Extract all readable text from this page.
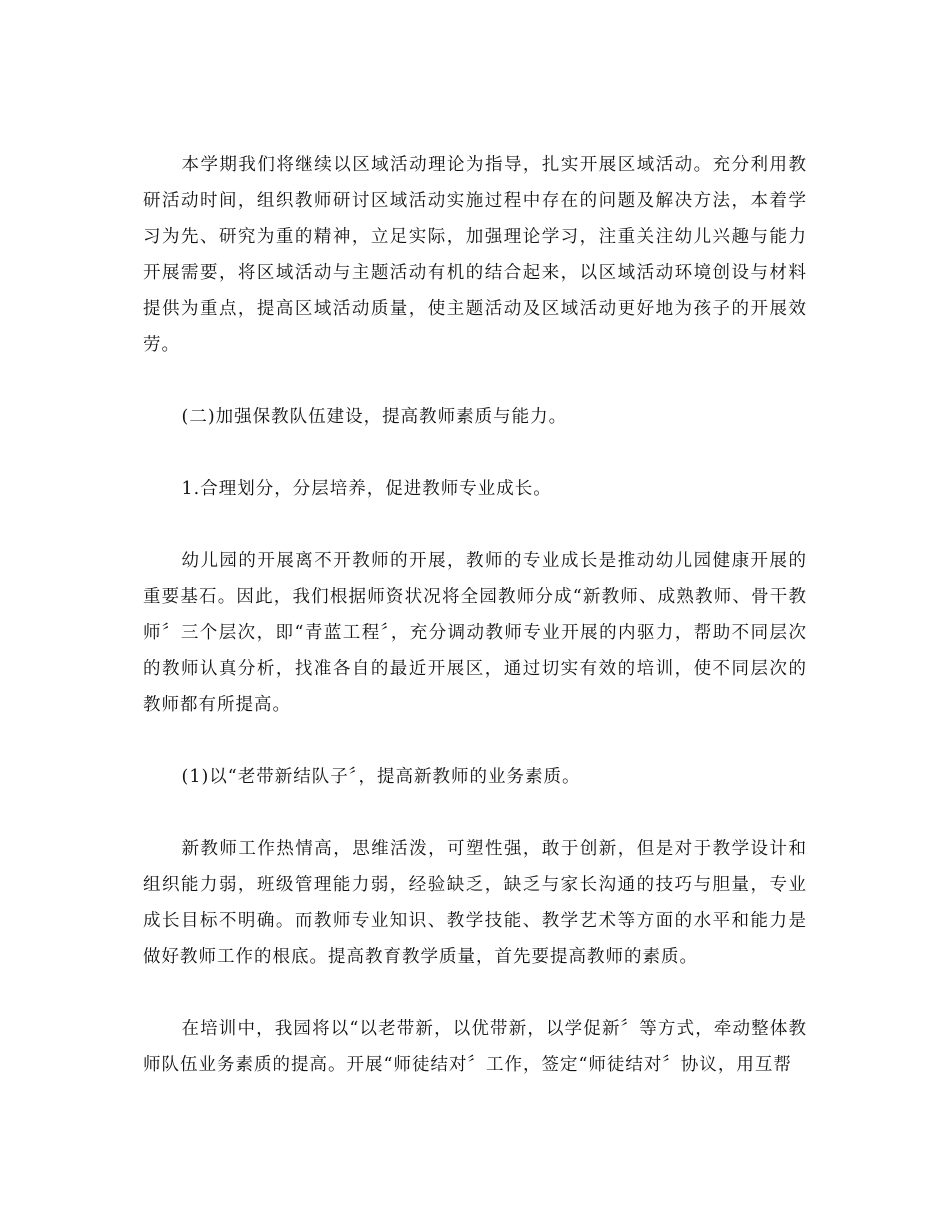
本学期我们将继续以区域活动理论为指导，扎实开展区域活动。充分利用教研活动时间，组织教师研讨区域活动实施过程中存在的问题及解决方法，本着学习为先、研究为重的精神，立足实际，加强理论学习，注重关注幼儿兴趣与能力开展需要，将区域活动与主题活动有机的结合起来，以区域活动环境创设与材料提供为重点，提高区域活动质量，使主题活动及区域活动更好地为孩子的开展效劳。

(二)加强保教队伍建设，提高教师素质与能力。

1.合理划分，分层培养，促进教师专业成长。

幼儿园的开展离不开教师的开展，教师的专业成长是推动幼儿园健康开展的重要基石。因此，我们根据师资状况将全园教师分成“新教师、成熟教师、骨干教师〞三个层次，即“青蓝工程〞，充分调动教师专业开展的内驱力，帮助不同层次的教师认真分析，找准各自的最近开展区，通过切实有效的培训，使不同层次的教师都有所提高。

(1)以“老带新结队子〞，提高新教师的业务素质。

新教师工作热情高，思维活泼，可塑性强，敢于创新，但是对于教学设计和组织能力弱，班级管理能力弱，经验缺乏，缺乏与家长沟通的技巧与胆量，专业成长目标不明确。而教师专业知识、教学技能、教学艺术等方面的水平和能力是做好教师工作的根底。提高教育教学质量，首先要提高教师的素质。

在培训中，我园将以“以老带新，以优带新，以学促新〞等方式，牵动整体教师队伍业务素质的提高。开展“师徒结对〞工作，签定“师徒结对〞协议，用互帮
